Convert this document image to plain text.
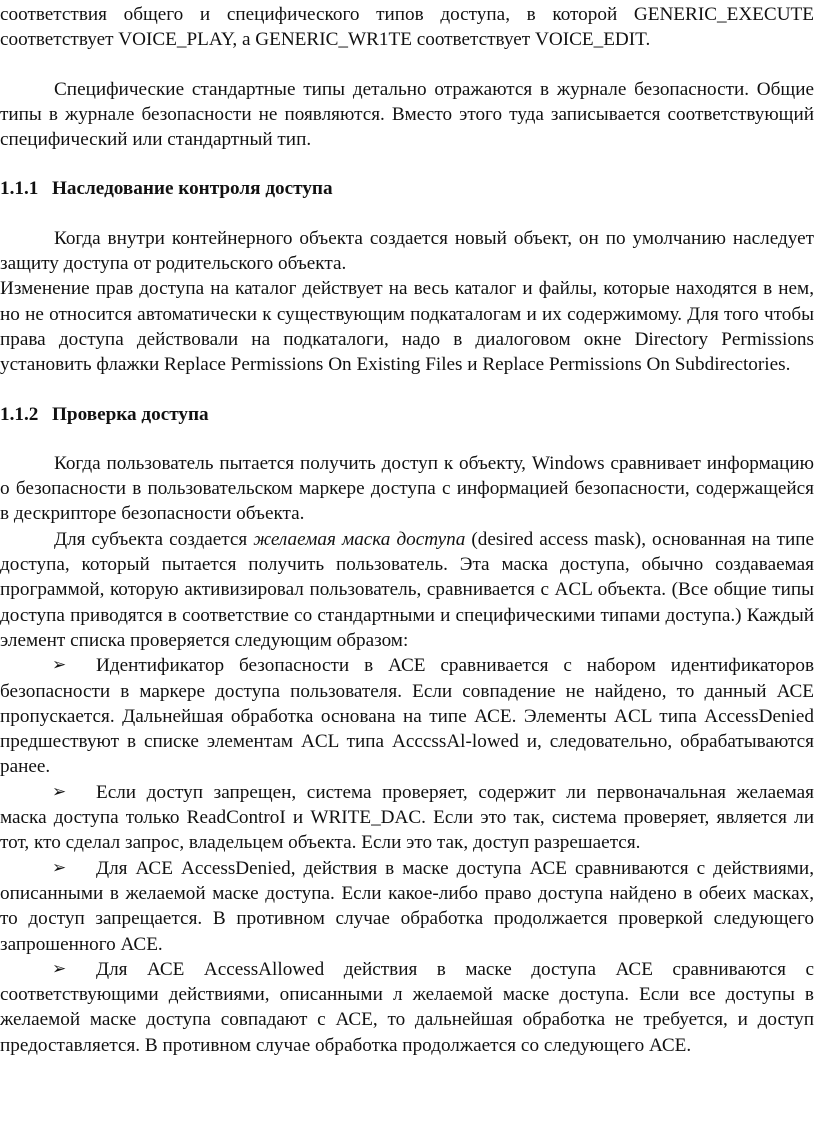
соответствия общего и специфического типов доступа, в которой GENERIC_EXECUTE соответствует VOICE_PLAY, а GENERIC_WR1TE соответствует VOICE_EDIT.

Специфические стандартные типы детально отражаются в журнале безопасности. Общие типы в журнале безопасности не появляются. Вместо этого туда записывается соответствующий специфический или стандартный тип.

1.1.1 Наследование контроля доступа

Когда внутри контейнерного объекта создается новый объект, он по умолчанию наследует защиту доступа от родительского объекта.

Изменение прав доступа на каталог действует на весь каталог и файлы, которые находятся в нем, но не относится автоматически к существующим подкаталогам и их содержимому. Для того чтобы права доступа действовали на подкаталоги, надо в диалоговом окне Directory Permissions установить флажки Replace Permissions On Existing Files и Replace Permissions On Subdirectories.

1.1.2 Проверка доступа

Когда пользователь пытается получить доступ к объекту, Windows сравнивает информацию о безопасности в пользовательском маркере доступа с информацией безопасности, содержащейся в дескрипторе безопасности объекта.

Для субъекта создается желаемая маска доступа (desired access mask), основанная на типе доступа, который пытается получить пользователь. Эта маска доступа, обычно создаваемая программой, которую активизировал пользователь, сравнивается с ACL объекта. (Все общие типы доступа приводятся в соответствие со стандартными и специфическими типами доступа.) Каждый элемент списка проверяется следующим образом:

➢ Идентификатор безопасности в АСЕ сравнивается с набором идентификаторов безопасности в маркере доступа пользователя. Если совпадение не найдено, то данный АСЕ пропускается. Дальнейшая обработка основана на типе АСЕ. Элементы ACL типа AccessDenied предшествуют в списке элементам ACL типа AcccssAl-lowed и, следовательно, обрабатываются ранее.

➢ Если доступ запрещен, система проверяет, содержит ли первоначальная желаемая маска доступа только ReadControI и WRITE_DAC. Если это так, система проверяет, является ли тот, кто сделал запрос, владельцем объекта. Если это так, доступ разрешается.

➢ Для АСЕ AccessDenied, действия в маске доступа АСЕ сравниваются с действиями, описанными в желаемой маске доступа. Если какое-либо право доступа найдено в обеих масках, то доступ запрещается. В противном случае обработка продолжается проверкой следующего запрошенного АСЕ.

➢ Для АСЕ AccessAllowed действия в маске доступа АСЕ сравниваются с соответствующими действиями, описанными л желаемой маске доступа. Если все доступы в желаемой маске доступа совпадают с АСЕ, то дальнейшая обработка не требуется, и доступ предоставляется. В противном случае обработка продолжается со следующего АСЕ.
